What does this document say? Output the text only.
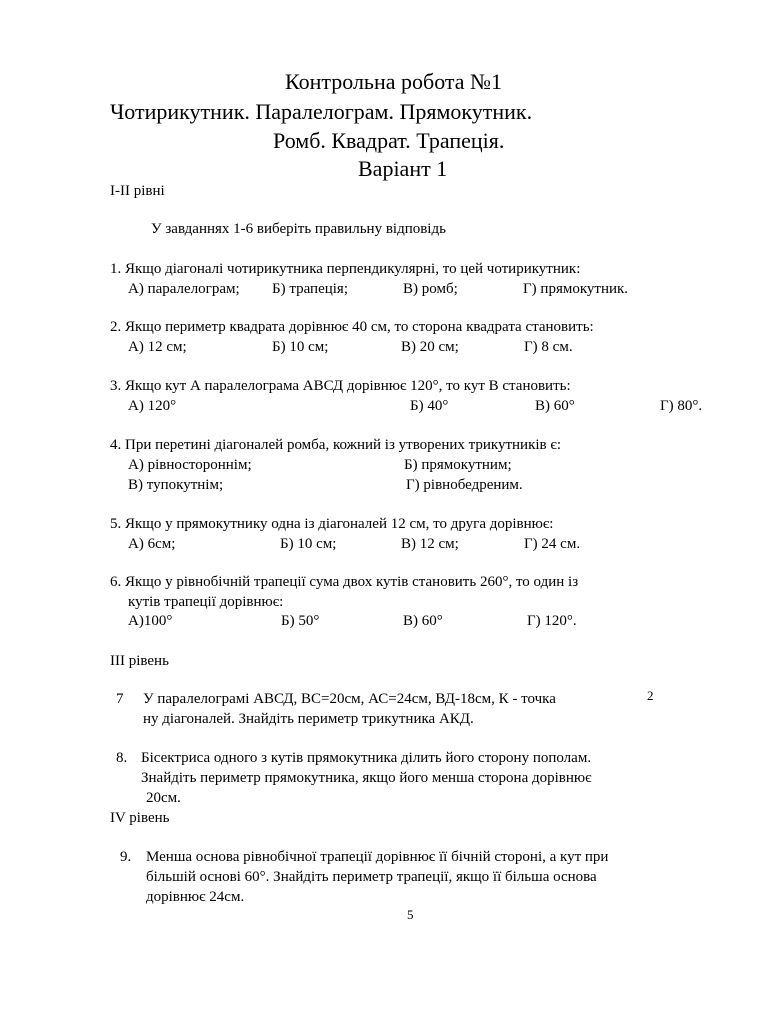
Контрольна робота №1
Чотирикутник. Паралелограм. Прямокутник.
Ромб. Квадрат. Трапеція.
Варіант 1
I-II рівні
У завданнях 1-6 виберіть правильну відповідь
1. Якщо діагоналі чотирикутника перпендикулярні, то цей чотирикутник:
А) паралелограм; Б) трапеція;	В) ромб;	Г) прямокутник.
2. Якщо периметр квадрата дорівнює 40 см, то сторона квадрата становить:
А) 12 см;	Б) 10 см;	В) 20 см;	Г) 8 см.
3. Якщо кут А паралелограма АВСД дорівнює 120°, то кут В становить:
А) 120°	Б) 40°	В) 60°	Г) 80°.
4. При перетині діагоналей ромба, кожний із утворених трикутників є:
А) рівностороннім;	Б) прямокутним;
В) тупокутнім;	Г) рівнобедреним.
5. Якщо у прямокутнику одна із діагоналей 12 см, то друга дорівнює:
А) 6см;	Б) 10 см;	В) 12 см;	Г) 24 см.
6. Якщо у рівнобічній трапеції сума двох кутів становить 260°, то один із
кутів трапеції дорівнює:
А)100°	Б) 50°	В) 60°	Г) 120°.
III рівень
7 У паралелограмі АВСД, ВС=20см, АС=24см, ВД-18см, К - точка	2
ну діагоналей. Знайдіть периметр трикутника АКД.
8. Бісектриса одного з кутів прямокутника ділить його сторону пополам.
Знайдіть периметр прямокутника, якщо його менша сторона дорівнює
20см.
IV рівень
9. Менша основа рівнобічної трапеції дорівнює її бічній стороні, а кут при
більшій основі 60°. Знайдіть периметр трапеції, якщо її більша основа
дорівнює 24см.
5
